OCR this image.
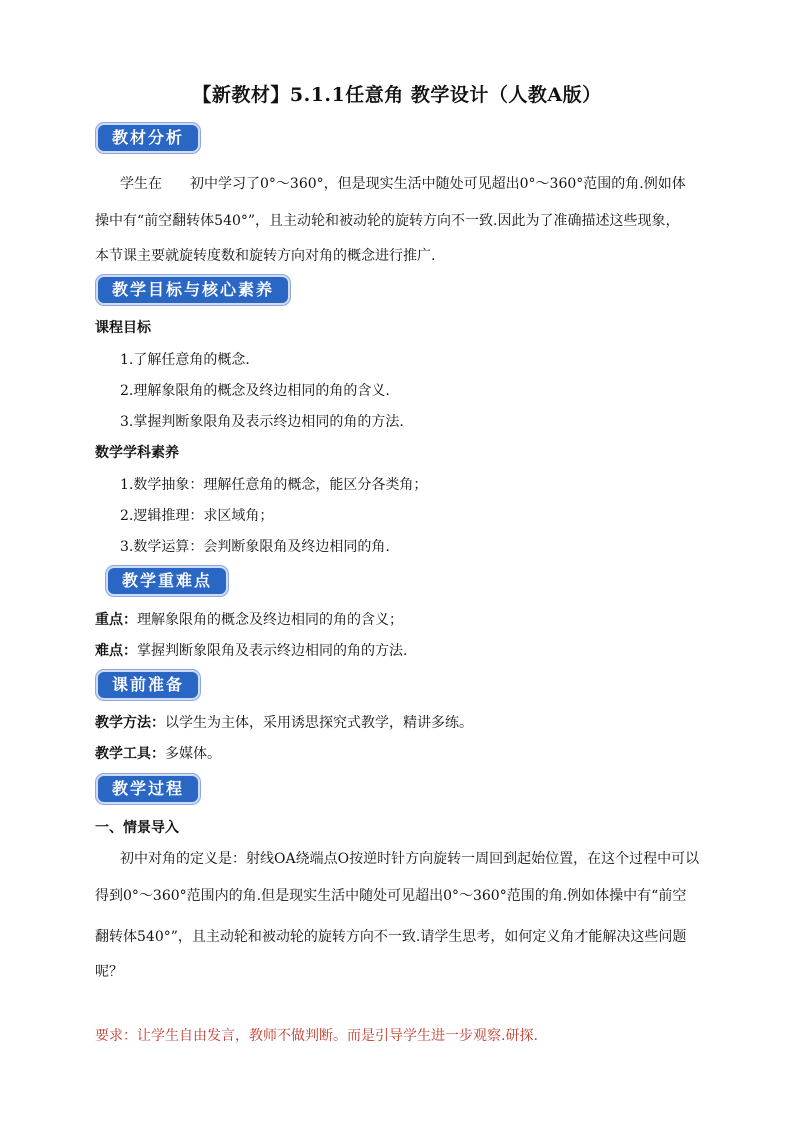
【新教材】5.1.1任意角 教学设计（人教A版）
教材分析
学生在　　初中学习了0°～360°，但是现实生活中随处可见超出0°～360°范围的角.例如体
操中有“前空翻转体540°”，且主动轮和被动轮的旋转方向不一致.因此为了准确描述这些现象，
本节课主要就旋转度数和旋转方向对角的概念进行推广.
教学目标与核心素养
课程目标
1.了解任意角的概念.
2.理解象限角的概念及终边相同的角的含义.
3.掌握判断象限角及表示终边相同的角的方法.
数学学科素养
1.数学抽象：理解任意角的概念，能区分各类角；
2.逻辑推理：求区域角；
3.数学运算：会判断象限角及终边相同的角.
教学重难点
重点：理解象限角的概念及终边相同的角的含义；
难点：掌握判断象限角及表示终边相同的角的方法.
课前准备
教学方法：以学生为主体，采用诱思探究式教学，精讲多练。
教学工具：多媒体。
教学过程
一、情景导入
初中对角的定义是：射线OA绕端点O按逆时针方向旋转一周回到起始位置，在这个过程中可以
得到0°～360°范围内的角.但是现实生活中随处可见超出0°～360°范围的角.例如体操中有“前空
翻转体540°”，且主动轮和被动轮的旋转方向不一致.请学生思考，如何定义角才能解决这些问题
呢？
要求：让学生自由发言，教师不做判断。而是引导学生进一步观察.研探.
